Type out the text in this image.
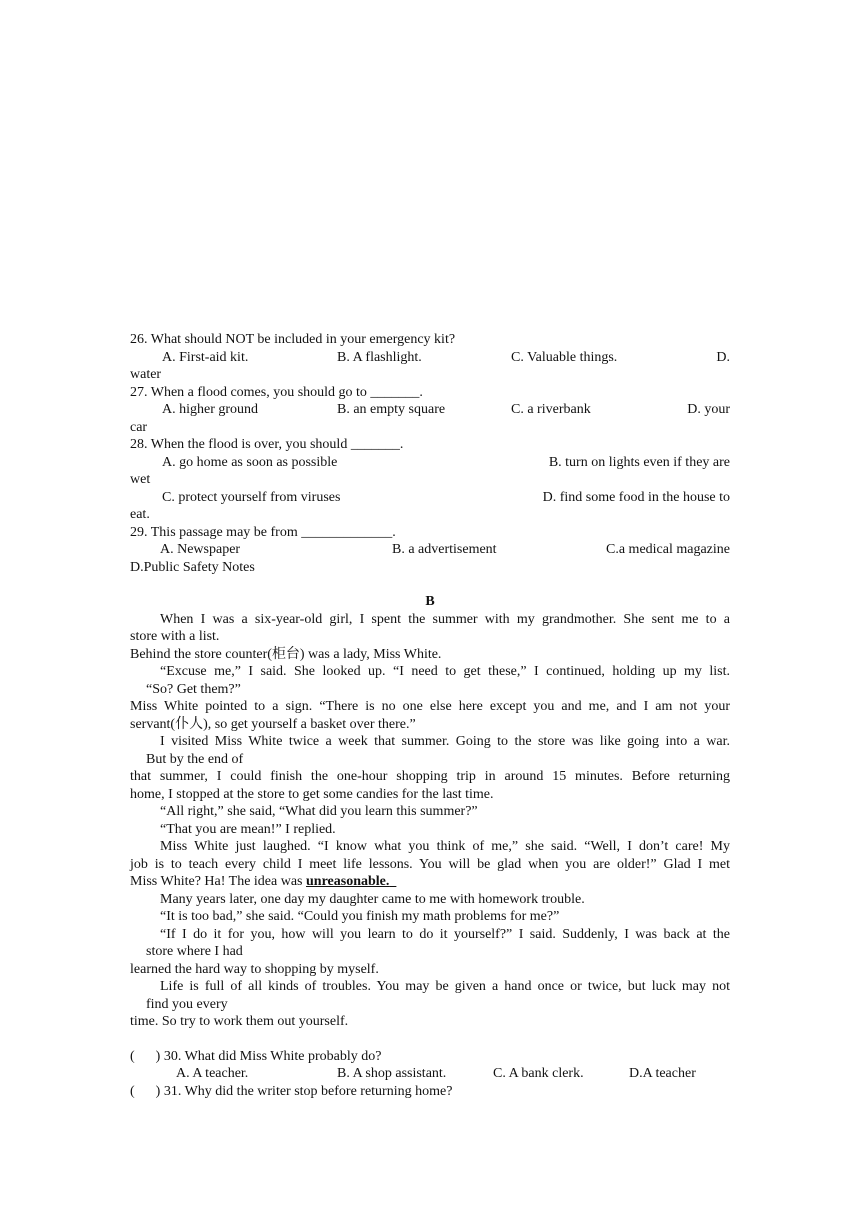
26. What should NOT be included in your emergency kit?
A. First-aid kit.	B. A flashlight.	C. Valuable things.	D.
water
27. When a flood comes, you should go to _______.
A. higher ground	B. an empty square	C. a riverbank	D. your
car
28. When the flood is over, you should _______.
A. go home as soon as possible	B. turn on lights even if they are
wet
C. protect yourself from viruses	D. find some food in the house to
eat.
29. This passage may be from _____________.
A. Newspaper	B. a advertisement	C.a medical magazine
D.Public Safety Notes
B
When I was a six-year-old girl, I spent the summer with my grandmother. She sent me to a
store with a list.
Behind the store counter(柜台) was a lady, Miss White.
“Excuse me,” I said. She looked up. “I need to get these,” I continued, holding up my list.
“So? Get them?”
Miss White pointed to a sign. “There is no one else here except you and me, and I am not your
servant(仆人), so get yourself a basket over there.”
I visited Miss White twice a week that summer. Going to the store was like going into a war.
But by the end of
that summer, I could finish the one-hour shopping trip in around 15 minutes. Before returning
home, I stopped at the store to get some candies for the last time.
“All right,” she said, “What did you learn this summer?”
“That you are mean!” I replied.
Miss White just laughed. “I know what you think of me,” she said. “Well, I don’t care! My
job is to teach every child I meet life lessons. You will be glad when you are older!” Glad I met
Miss White? Ha! The idea was unreasonable.
Many years later, one day my daughter came to me with homework trouble.
“It is too bad,” she said. “Could you finish my math problems for me?”
“If I do it for you, how will you learn to do it yourself?” I said. Suddenly, I was back at the
store where I had
learned the hard way to shopping by myself.
Life is full of all kinds of troubles. You may be given a hand once or twice, but luck may not
find you every
time. So try to work them out yourself.
(      ) 30. What did Miss White probably do?
A. A teacher.	B. A shop assistant.	C. A bank clerk.	D.A teacher
(      ) 31. Why did the writer stop before returning home?
